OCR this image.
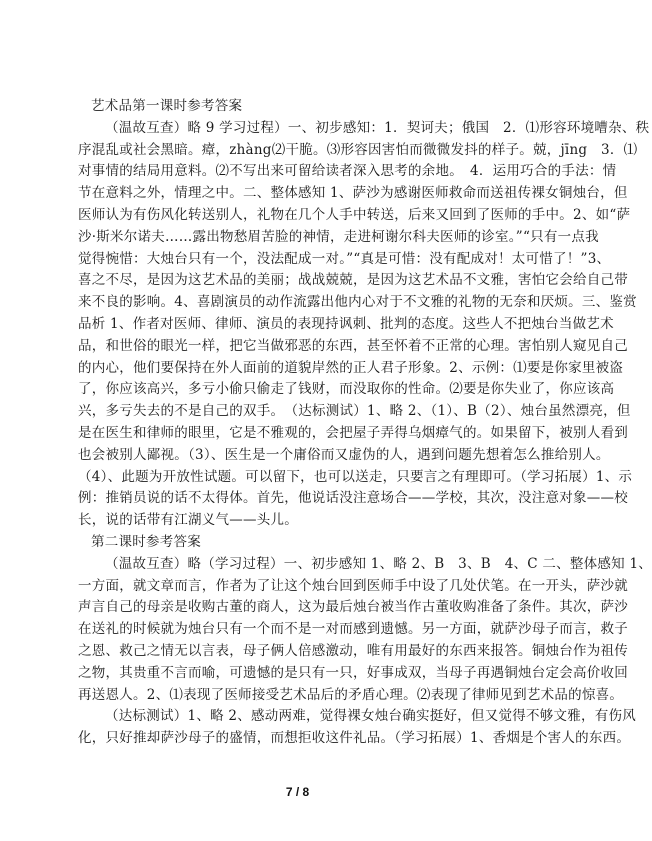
艺术品第一课时参考答案
（温故互查）略 9 学习过程）一、初步感知：1．契诃夫；俄国　2．⑴形容环境嘈杂、秩
序混乱或社会黑暗。瘴，zhàng⑵干脆。⑶形容因害怕而微微发抖的样子。兢，jīng　3．⑴
对事情的结局用意料。⑵不写出来可留给读者深入思考的余地。　4．运用巧合的手法：情
节在意料之外，情理之中。二、整体感知 1、萨沙为感谢医师救命而送祖传裸女铜烛台，但
医师认为有伤风化转送别人，礼物在几个人手中转送，后来又回到了医师的手中。2、如“萨
沙·斯米尔诺夫……露出物愁眉苦脸的神情，走进柯谢尔科夫医师的诊室。”“只有一点我
觉得惋惜：大烛台只有一个，没法配成一对。”“真是可惜：没有配成对！太可惜了！”3、
喜之不尽，是因为这艺术品的美丽；战战兢兢，是因为这艺术品不文雅，害怕它会给自己带
来不良的影响。4、喜剧演员的动作流露出他内心对于不文雅的礼物的无奈和厌烦。三、鉴赏
品析 1、作者对医师、律师、演员的表现持讽刺、批判的态度。这些人不把烛台当做艺术
品，和世俗的眼光一样，把它当做邪恶的东西，甚至怀着不正常的心理。害怕别人窥见自己
的内心，他们要保持在外人面前的道貌岸然的正人君子形象。2、示例：⑴要是你家里被盗
了，你应该高兴，多亏小偷只偷走了钱财，而没取你的性命。⑵要是你失业了，你应该高
兴，多亏失去的不是自己的双手。　（达标测试）1、略 2、（1）、B（2）、烛台虽然漂亮，但
是在医生和律师的眼里，它是不雅观的，会把屋子弄得乌烟瘴气的。如果留下，被别人看到
也会被别人鄙视。（3）、医生是一个庸俗而又虚伪的人，遇到问题先想着怎么推给别人。
（4）、此题为开放性试题。可以留下，也可以送走，只要言之有理即可。（学习拓展）1、示
例：推销员说的话不太得体。首先，他说话没注意场合——学校，其次，没注意对象——校
长，说的话带有江湖义气——头儿。
第二课时参考答案
（温故互查）略（学习过程）一、初步感知 1、略 2、B　3、B　4、C 二、整体感知 1、
一方面，就文章而言，作者为了让这个烛台回到医师手中设了几处伏笔。在一开头，萨沙就
声言自己的母亲是收购古董的商人，这为最后烛台被当作古董收购准备了条件。其次，萨沙
在送礼的时候就为烛台只有一个而不是一对而感到遗憾。另一方面，就萨沙母子而言，救子
之恩、救己之情无以言表，母子俩人倍感激动，唯有用最好的东西来报答。铜烛台作为祖传
之物，其贵重不言而喻，可遗憾的是只有一只，好事成双，当母子再遇铜烛台定会高价收回
再送恩人。2、⑴表现了医师接受艺术品后的矛盾心理。⑵表现了律师见到艺术品的惊喜。
（达标测试）1、略 2、感动两难，觉得裸女烛台确实挺好，但又觉得不够文雅，有伤风
化，只好推却萨沙母子的盛情，而想拒收这件礼品。（学习拓展）1、香烟是个害人的东西。
7 / 8
